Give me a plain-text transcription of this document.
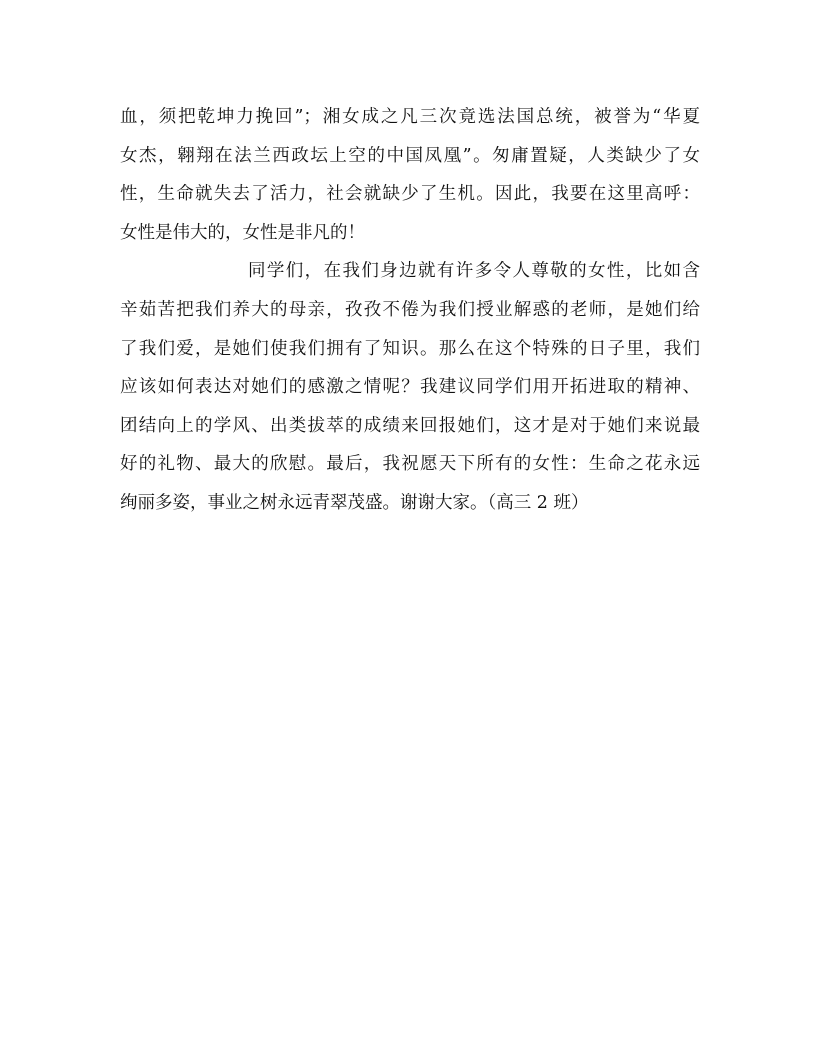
血，须把乾坤力挽回”；湘女成之凡三次竟选法国总统，被誉为“华夏
女杰，翱翔在法兰西政坛上空的中国凤凰”。匆庸置疑，人类缺少了女
性，生命就失去了活力，社会就缺少了生机。因此，我要在这里高呼：
女性是伟大的，女性是非凡的！
同学们，在我们身边就有许多令人尊敬的女性，比如含
辛茹苦把我们养大的母亲，孜孜不倦为我们授业解惑的老师，是她们给
了我们爱，是她们使我们拥有了知识。那么在这个特殊的日子里，我们
应该如何表达对她们的感激之情呢？我建议同学们用开拓进取的精神、
团结向上的学风、出类拔萃的成绩来回报她们，这才是对于她们来说最
好的礼物、最大的欣慰。最后，我祝愿天下所有的女性：生命之花永远
绚丽多姿，事业之树永远青翠茂盛。谢谢大家。（高三 2 班）
